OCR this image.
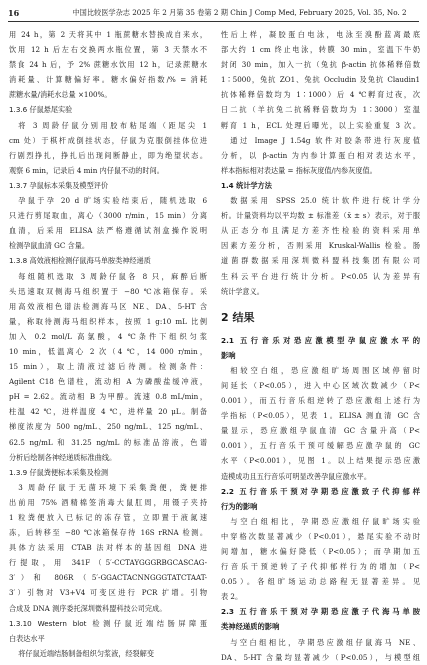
16	中国比较医学杂志 2025 年 2 月第 35 卷第 2 期 Chin J Comp Med, February 2025, Vol. 35, No. 2

用 24 h，第 2 天将其中 1 瓶蔗糖水替换成自来水，

饮用 12 h 后左右交换两水瓶位置，第 3 天禁水不

禁食 24 h 后，予 2% 蔗糖水饮用 12 h，记录蔗糖水

消耗量、计算糖偏好率。糖水偏好指数/% = 消耗

蔗糖水量/消耗水总量 ×100%。

1.3.6 仔鼠悬尾实验

将 3 周龄仔鼠分别用胶布粘尾端（距尾尖 1

cm 处）于棋杆成倒挂状态，仔鼠为克服倒挂体位进

行剧烈挣扎，挣扎后出现间断静止，即为绝望状态。

观察 6 min，记录后 4 min 内仔鼠不动的时间。

1.3.7 孕鼠标本采集及模型评价

孕鼠于孕 20 d 旷场实验结束后，随机选取 6

只进行剪尾取血，离心（3000 r/min，15 min）分离

血清，后采用 ELISA 法严格遵循试剂盒操作说明

检测孕鼠血清 GC 含量。

1.3.8 高效液相检测仔鼠海马单胺类神经递质

每组随机选取 3 周龄仔鼠各 8 只，麻醉后断

头迅速取双侧海马组织置于 −80 ℃冰箱保存。采

用高效液相色谱法检测海马区 NE、DA、5-HT 含

量，称取待测海马组织样本，按照 1 g:10 mL 比例

加入 0.2 mol/L 高氯酸，4 ℃条件下组织匀浆

10 min，低温离心 2 次（4 ℃，14 000 r/min，

15 min），取上清液过滤后待测。检测条件：

Agilent C18 色谱柱，流动相 A 为磷酸盐缓冲液，

pH = 2.62。流动相 B 为甲醇。流速 0.8 mL/min，

柱温 42 ℃，进样温度 4 ℃，进样量 20 μL。制备

梯度浓度为 500 ng/mL、250 ng/mL、125 ng/mL、

62.5 ng/mL 和 31.25 ng/mL 的标准品溶液，色谱

分析后绘制各神经递质标准曲线。

1.3.9 仔鼠粪便标本采集及检测

3 周龄仔鼠于无菌环境下采集粪便，粪便排

出前用 75% 酒精棉签消毒大鼠肛周，用镊子夹持

1 粒粪便放入已标记的冻存管，立即置于液氮速

冻，后转移至 −80 ℃冰箱保存待 16S rRNA 检测。

具体方法采用 CTAB 法对样本的基因组 DNA 进

行提取，用 341F（5′-CCTAYGGGRBGCASCAG-

3′）和 806R（5′-GGACTACNNGGGTATCTAAT-

3′）引物对 V3+V4 可变区进行 PCR 扩增。引物

合成及 DNA 测序委托深圳微科盟科技公司完成。

1.3.10 Western blot 检测仔鼠近端结肠屏障蛋

白表达水平

将仔鼠近端结肠制备组织匀浆液，经裂解变

性后上样，凝胶蛋白电泳，电泳至溴酚蓝离最底

部大约 1 cm 终止电泳，转膜 30 min，室温下牛奶

封闭 30 min，加入一抗（兔抗 β-actin 抗体稀释倍数

1∶5000，兔抗 ZO1、兔抗 Occludin 及兔抗 Claudin1

抗体稀释倍数均为 1∶1000）后 4 ℃孵育过夜，次

日二抗（羊抗兔二抗稀释倍数均为 1∶3000）室温

孵育 1 h，ECL 处理后曝光，以上实验重复 3 次。

通过 Image J 1.54g 软件对胶条带进行灰度值

分析，以 β-actin 为内参计算蛋白相对表达水平，

样本指标相对表达量 = 指标灰度值/内参灰度值。

1.4 统计学方法

数据采用 SPSS 25.0 统计软件进行统计学分

析。计量资料均以平均数 ± 标准差（x̄ ± s）表示，对于服

从正态分布且满足方差齐性检验的资料采用单

因素方差分析，否则采用 Kruskal-Wallis 检验。肠

道菌群数据采用深圳微科盟科技集团有限公司

生科云平台进行统计分析。P<0.05 认为差异有

统计学意义。

2 结果

2.1 五行音乐对恐应激模型孕鼠应激水平的

影响

相较空白组，恐应激组旷场周围区域停留时

间延长（P<0.05），进入中心区域次数减少（P<

0.001），而五行音乐组逆转了恐应激组上述行为

学指标（P<0.05），见表 1。ELISA 测血清 GC 含

量显示，恐应激组孕鼠血清 GC 含量升高（P<

0.001），五行音乐干预可缓解恐应激孕鼠的 GC

水平（P<0.001），见图 1。以上结果提示恐应激

造模成功且五行音乐可明显改善孕鼠应激水平。

2.2 五行音乐干预对孕期恐应激致子代抑郁样

行为的影响

与空白组相比，孕期恐应激组仔鼠旷场实验

中穿格次数显著减少（P<0.01），悬尾实验不动时

间增加，糖水偏好降低（P<0.05）；而孕期加五

行音乐干预逆转了子代抑郁样行为的增加（P<

0.05）。各组旷场运动总路程无显著差异。见

表 2。

2.3 五行音乐干预对孕期恐应激子代海马单胺

类神经递质的影响

与空白组相比，孕期恐应激组仔鼠海马 NE、

DA、5-HT 含量均显著减少（P<0.05），与模型组
